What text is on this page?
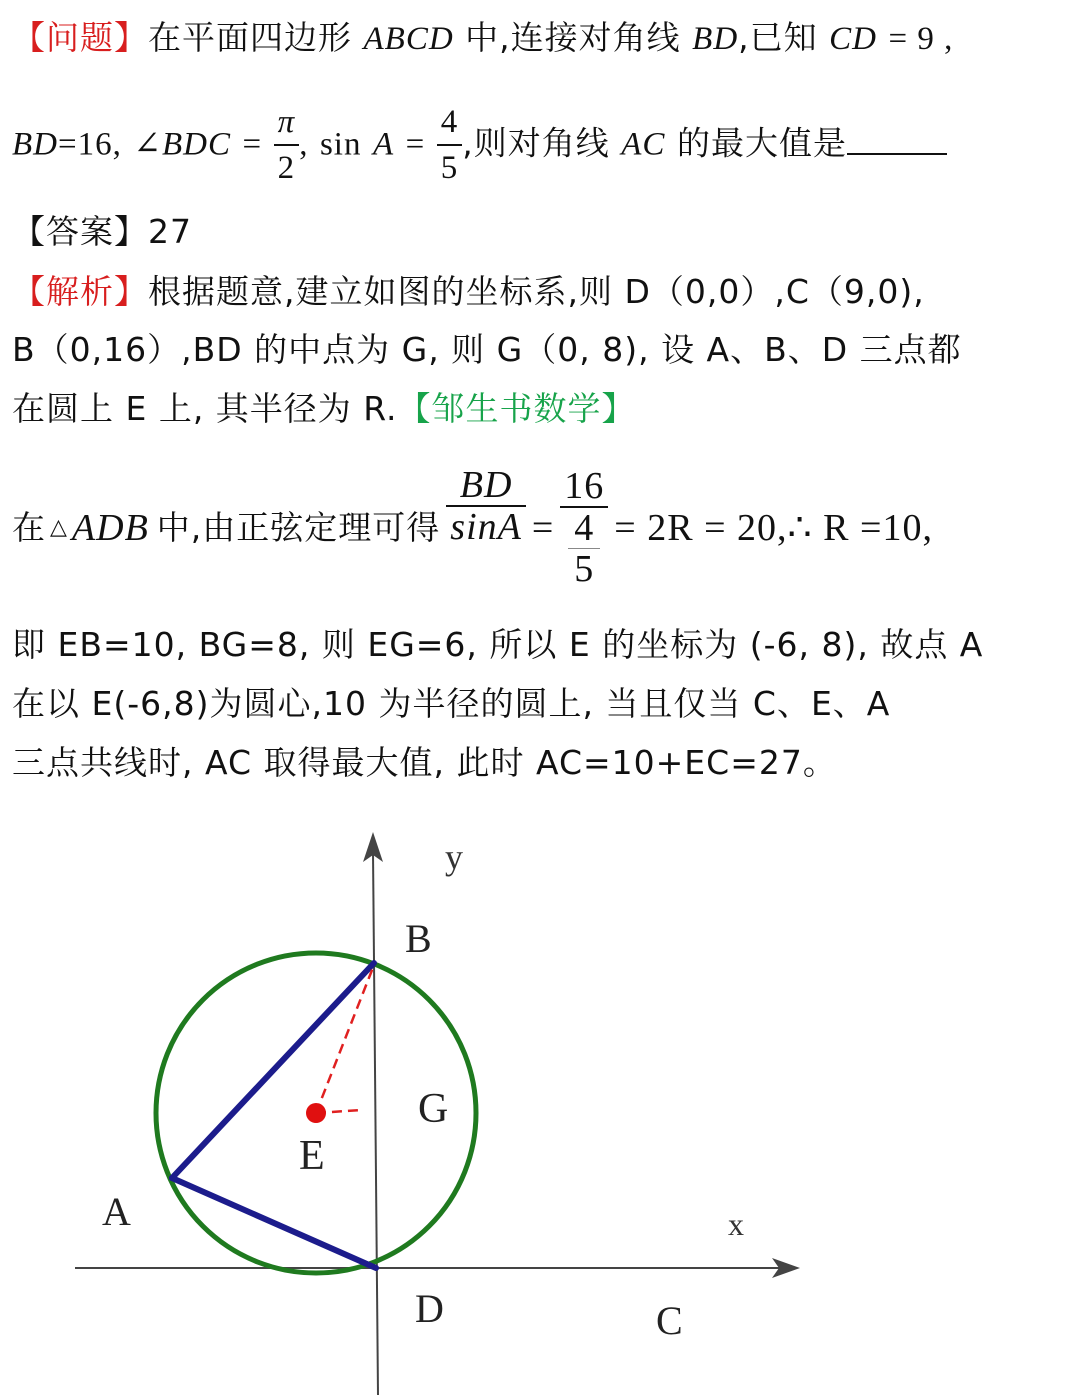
【问题】在平面四边形 ABCD 中,连接对角线 BD,已知 CD = 9 ,
BD=16, ∠BDC = $\frac{\pi}{2}$ , $\sin A = \frac{4}{5}$ ,则对角线 AC 的最大值是
【答案】27
【解析】根据题意,建立如图的坐标系,则 D（0,0）,C（9,0),
B（0,16）,BD 的中点为 G, 则 G（0, 8), 设 A、B、D 三点都
在圆上 E 上, 其半径为 R.【邹生书数学】
在 △ ADB 中,由正弦定理可得 $\frac{BD}{\sin A} = 16$
4
5 = 2R = 20,∴ R =10,
即 EB=10, BG=8, 则 EG=6, 所以 E 的坐标为 (-6, 8), 故点 A
在以 E(-6,8)为圆心,10 为半径的圆上, 当且仅当 C、E、A
三点共线时, AC 取得最大值, 此时 AC=10+EC=27。
y
B
G
E
A	x
D	C
